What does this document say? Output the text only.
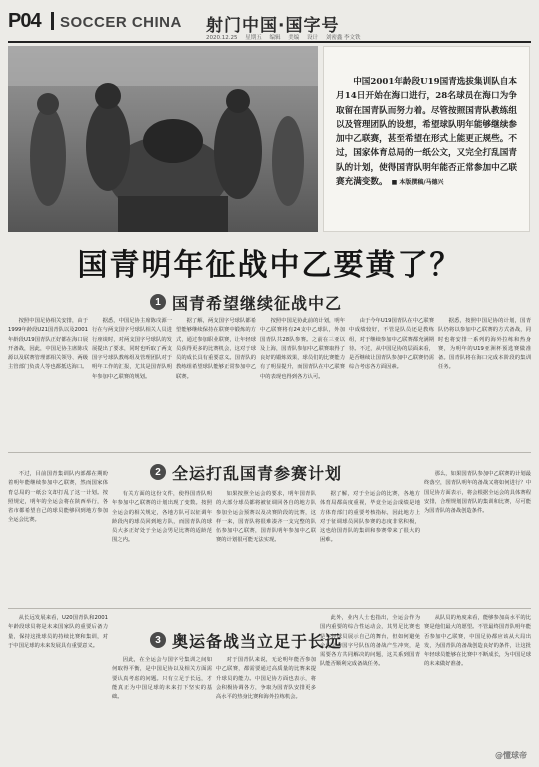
P04 SOCCER CHINA 射门中国·国字号
2020.12.25 星期五 编辑 美编 设计 刘密鑫 李文铁

中国2001年龄段U19国青选拔集训队自本月14日开始在海口进行，28名球员在海口为争取留在国青队而努力着。尽管按照国青队教练组以及管理团队的设想，希望球队明年能够继续参加中乙联赛，甚至希望在形式上能更正规些。不过，国家体育总局的一纸公文，又完全打乱国青队的计划，使得国青队明年能否正常参加中乙联赛充满变数。 ■ 本版撰稿/马德兴

国青明年征战中乙要黄了？
1 国青希望继续征战中乙

按照中国足协相关安排，由于1999年龄段U21国青队以及2001年龄段U19国青队正好都在海口展开备战，因此，中国足协主席陈戌源以及联赛管理部相关领导、两级主管部门负责人等也都抵达海口。

据悉，中国足协主席陈戌源一行在与两支国字号球队相关人员进行座谈时，对两支国字号球队的发展提出了要求，同时也听取了两支国字号球队教练组及管理团队对于明年工作的汇报，尤其是国青队明年参加中乙联赛的规划。

据了解，两支国字号球队都希望能够继续保持在联赛中锻炼的方式，通过参加职业联赛，让年轻球员获得更多的比赛机会，这对于球员的成长具有重要意义。国青队的教练组希望球队能够正常参加中乙联赛。

按照中国足协此前的计划，明年中乙联赛将有24支中乙球队，外加国青队共28队参赛。之前在三亚以及上海，国青队参加中乙联赛取得了良好的锻炼效果，球员们的比赛能力有了明显提升，而国青队在中乙联赛中的表现也得到各方认可。

由于今年U19国青队在中乙联赛中成绩较好，不管是队员还是教练组，对于继续参加中乙联赛都充满期待。不过，从中国足协的层面来看，是否继续让国青队参加中乙联赛仍需综合考虑各方面因素。

据悉，按照中国足协的计划，国青队仍将以参加中乙联赛的方式备战，同时也将安排一系列的海外拉练和热身赛，为明年的U19亚洲杯预选赛做准备。国青队将在海口完成本阶段的集训任务。

2 全运打乱国青参赛计划

不过，目前国青集训队内部都在期盼着明年能继续参加中乙联赛，然而国家体育总局的一纸公文却打乱了这一计划。按照规定，明年的全运会将在陕西举行，各省市都希望自己的球员能够回到地方参加全运会比赛。

有关方面的这份文件，使得国青队明年参加中乙联赛的计划出现了变数。按照全运会的相关规定，各地方队可以征调年龄段内的球员回到地方队，而国青队的球员大多正好处于全运会男足比赛的适龄范围之内。

如果按照全运会的要求，明年国青队的大部分球员都将被征调回各自的地方队参加全运会预赛以及决赛阶段的比赛，这样一来，国青队将很难凑齐一支完整的队伍参加中乙联赛，国青队明年参加中乙联赛的计划很可能无法实现。

据了解，对于全运会的比赛，各地方体育局都高度重视，毕竟全运会成绩是地方体育部门的重要考核指标，因此地方上对于征调球员回队参赛的态度非常积极，这也给国青队的集训和参赛带来了很大的困难。

那么，如果国青队参加中乙联赛的计划最终落空，国青队明年的备战又将如何进行？中国足协方面表示，将会根据全运会的具体赛程安排，合理规划国青队的集训和比赛，尽可能为国青队的备战创造条件。

3 奥运备战当立足于长远

从长远发展来看，U20国青队和2001年龄段球员将是未来国家队的重要后备力量，保持这批球员的持续比赛和集训，对于中国足球的未来发展具有重要意义。

因此，在全运会与国字号集训之间如何取得平衡，是中国足协以及相关方面需要认真考虑的问题。只有立足于长远，才能真正为中国足球的未来打下坚实的基础。

对于国青队来说，无论明年能否参加中乙联赛，都需要通过高质量的比赛来提升球员的能力。中国足协方面也表示，将会积极协调各方，争取为国青队安排更多高水平的热身比赛和海外拉练机会。

此外，业内人士也指出，全运会作为国内重要的综合性运动会，其男足比赛也是年轻球员展示自己的舞台，但如何避免全运会与国字号队伍的备战产生冲突，是需要各方共同解决的问题，这关系到国青队能否顺利完成备战任务。

从队员的角度来看，能够参加高水平的比赛是他们最大的愿望。不管最终国青队明年能否参加中乙联赛，中国足协都应该从大局出发，为国青队的备战创造良好的条件，让这批年轻球员能够在比赛中不断成长，为中国足球的未来做好准备。

@懂球帝
